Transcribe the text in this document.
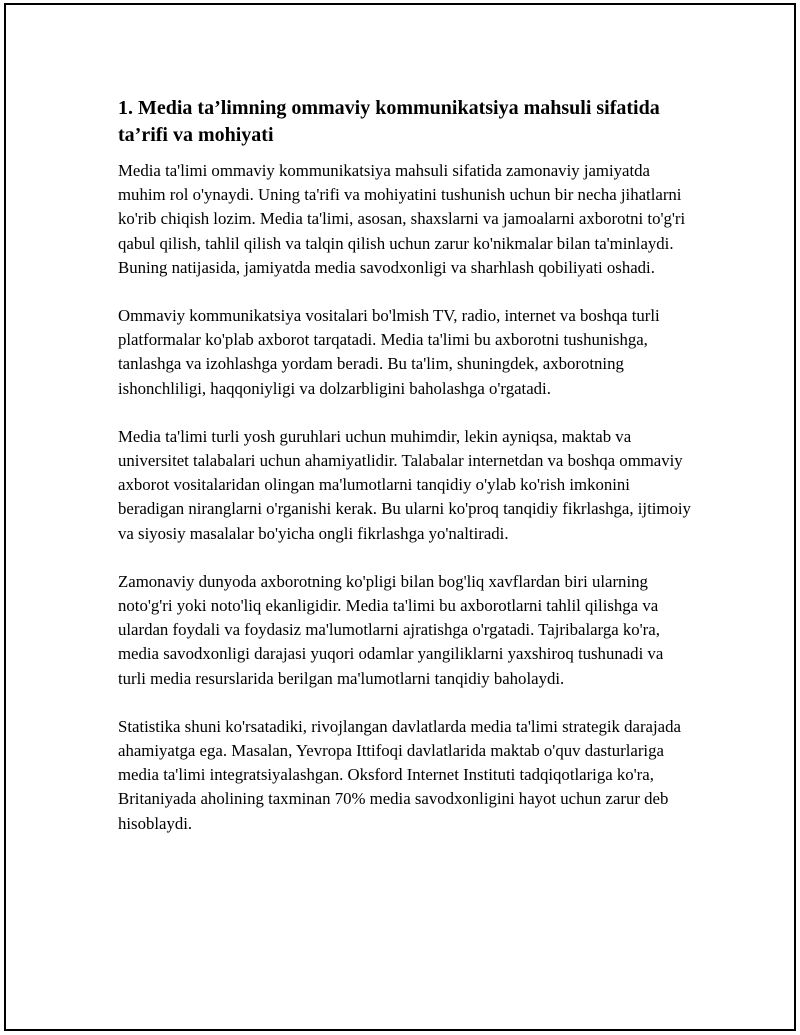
1. Media ta’limning ommaviy kommunikatsiya mahsuli sifatida ta’rifi va mohiyati

Media ta'limi ommaviy kommunikatsiya mahsuli sifatida zamonaviy jamiyatda muhim rol o'ynaydi. Uning ta'rifi va mohiyatini tushunish uchun bir necha jihatlarni ko'rib chiqish lozim. Media ta'limi, asosan, shaxslarni va jamoalarni axborotni to'g'ri qabul qilish, tahlil qilish va talqin qilish uchun zarur ko'nikmalar bilan ta'minlaydi. Buning natijasida, jamiyatda media savodxonligi va sharhlash qobiliyati oshadi.

Ommaviy kommunikatsiya vositalari bo'lmish TV, radio, internet va boshqa turli platformalar ko'plab axborot tarqatadi. Media ta'limi bu axborotni tushunishga, tanlashga va izohlashga yordam beradi. Bu ta'lim, shuningdek, axborotning ishonchliligi, haqqoniyligi va dolzarbligini baholashga o'rgatadi.

Media ta'limi turli yosh guruhlari uchun muhimdir, lekin ayniqsa, maktab va universitet talabalari uchun ahamiyatlidir. Talabalar internetdan va boshqa ommaviy axborot vositalaridan olingan ma'lumotlarni tanqidiy o'ylab ko'rish imkonini beradigan niranglarni o'rganishi kerak. Bu ularni ko'proq tanqidiy fikrlashga, ijtimoiy va siyosiy masalalar bo'yicha ongli fikrlashga yo'naltiradi.

Zamonaviy dunyoda axborotning ko'pligi bilan bog'liq xavflardan biri ularning noto'g'ri yoki noto'liq ekanligidir. Media ta'limi bu axborotlarni tahlil qilishga va ulardan foydali va foydasiz ma'lumotlarni ajratishga o'rgatadi. Tajribalarga ko'ra, media savodxonligi darajasi yuqori odamlar yangiliklarni yaxshiroq tushunadi va turli media resurslarida berilgan ma'lumotlarni tanqidiy baholaydi.

Statistika shuni ko'rsatadiki, rivojlangan davlatlarda media ta'limi strategik darajada ahamiyatga ega. Masalan, Yevropa Ittifoqi davlatlarida maktab o'quv dasturlariga media ta'limi integratsiyalashgan. Oksford Internet Instituti tadqiqotlariga ko'ra, Britaniyada aholining taxminan 70% media savodxonligini hayot uchun zarur deb hisoblaydi.
